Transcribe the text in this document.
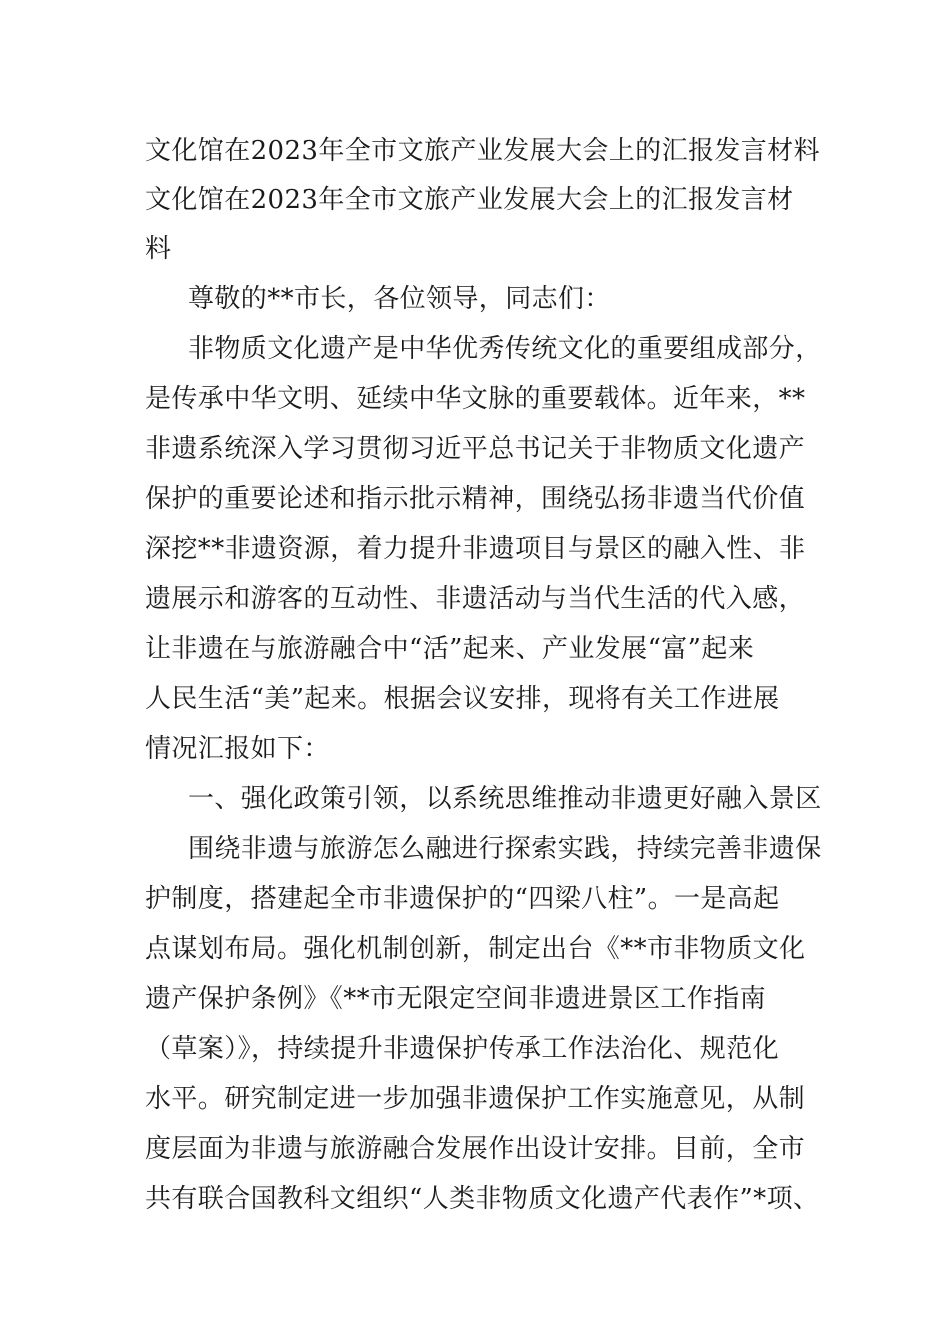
文化馆在2023年全市文旅产业发展大会上的汇报发言材料
文化馆在2023年全市文旅产业发展大会上的汇报发言材
料
尊敬的**市长，各位领导，同志们：
非物质文化遗产是中华优秀传统文化的重要组成部分，
是传承中华文明、延续中华文脉的重要载体。近年来，**
非遗系统深入学习贯彻习近平总书记关于非物质文化遗产
保护的重要论述和指示批示精神，围绕弘扬非遗当代价值
深挖**非遗资源，着力提升非遗项目与景区的融入性、非
遗展示和游客的互动性、非遗活动与当代生活的代入感，
让非遗在与旅游融合中“活”起来、产业发展“富”起来
人民生活“美”起来。根据会议安排，现将有关工作进展
情况汇报如下：
一、强化政策引领，以系统思维推动非遗更好融入景区
围绕非遗与旅游怎么融进行探索实践，持续完善非遗保
护制度，搭建起全市非遗保护的“四梁八柱”。一是高起
点谋划布局。强化机制创新，制定出台《**市非物质文化
遗产保护条例》《**市无限定空间非遗进景区工作指南
（草案）》，持续提升非遗保护传承工作法治化、规范化
水平。研究制定进一步加强非遗保护工作实施意见，从制
度层面为非遗与旅游融合发展作出设计安排。目前，全市
共有联合国教科文组织“人类非物质文化遗产代表作”*项、
